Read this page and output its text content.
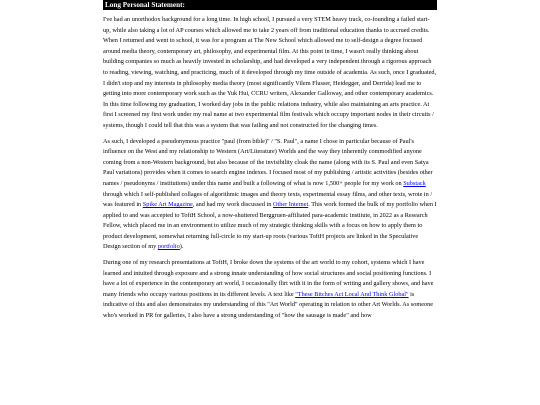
Long Personal Statement:

I've had an unorthodox background for a long time. In high school, I pursued a very STEM heavy track, co-founding a failed start-up, while also taking a lot of AP courses which allowed me to take 2 years off from traditional education thanks to accrued credits. When I returned and went to school, it was for a program at The New School which allowed me to self-design a degree focused around media theory, contemporary art, philosophy, and experimental film. At this point in time, I wasn't really thinking about building companies so much as heavily invested in scholarship, and had developed a very independent through a rigorous approach to reading, viewing, watching, and practicing, much of it developed through my time outside of academia. As such, once I graduated, I didn't stop and my interests in philosophy media theory (most significantly Vilem Flusser, Heidegger, and Derrida) lead me to getting into more contemporary work such as the Yuk Hui, CCRU writers, Alexander Galloway, and other contemporary academics. In this time following my graduation, I worked day jobs in the public relations industry, while also maintaining an arts practice. At first I screened my first work under my real name at two experimental film festivals which occupy important nodes in their circuits / systems, though I could tell that this was a system that was failing and not constructed for the changing times.

As such, I developed a pseudonymous practice "paul (from bible)" / "S. Paul", a name I chose in particular because of Paul's influence on the West and my relationship to Western (Art/Literature) Worlds and the way they inherently commodified anyone coming from a non-Western background, but also because of the invisibility cloak the name (along with its S. Paul and even Satya Paul variations) provides when it comes to search engine indexes. I focused most of my publishing / artistic activities (besides other names / pseudonyms / institutions) under this name and built a following of what is now 1,500+ people for my work on Substack through which I self-published collages of algorithmic images and theory texts, experimental essay films, and other texts, wrote in / was featured in Spike Art Magazine, and had my work discussed in Other Internet. This work formed the bulk of my portfolio when I applied to and was accepted to ToftH School, a now-shuttered Berggruen-affiliated para-academic institute, in 2022 as a Research Fellow, which placed me in an environment to utilize much of my strategic thinking skills with a focus on how to apply them to product development, somewhat returning full-circle to my start-up roots (various ToftH projects are linked in the Speculative Design section of my portfolio).

During one of my research presentations at ToftH, I broke down the systems of the art world to my cohort, systems which I have learned and intuited through exposure and a strong innate understanding of how social structures and social positioning functions. I have a lot of experience in the contemporary art world, I occasionally flirt with it in the form of writing and gallery shows, and have many friends who occupy various positions in its different levels. A text like "These Bitches Act Local And Think Global" is indicative of this and also demonstrates my understanding of this "Art World" operating in relation to other Art Worlds. As someone who's worked in PR for galleries, I also have a strong understanding of "how the sausage is made" and how
